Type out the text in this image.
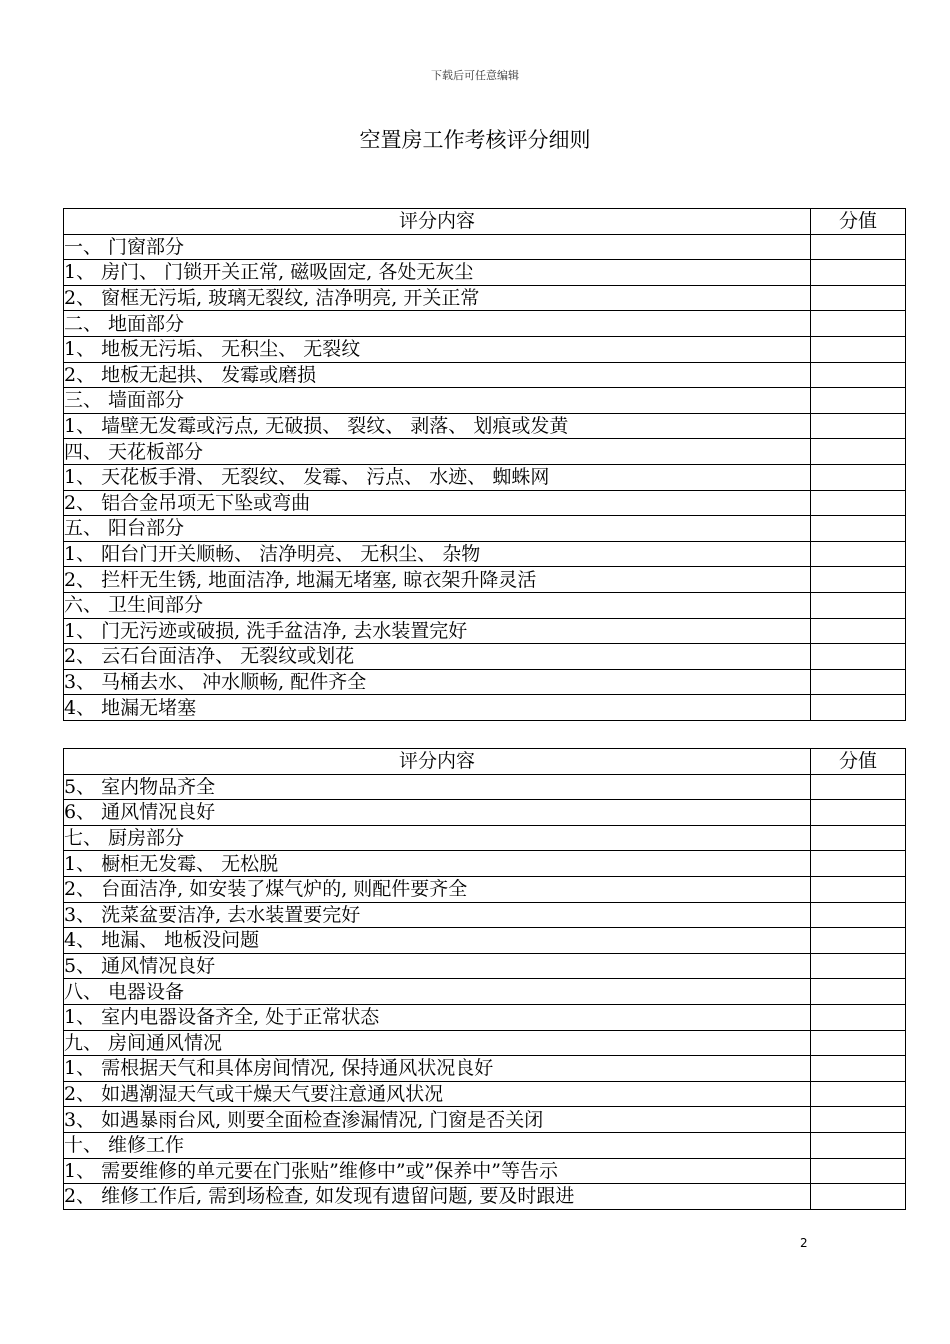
下载后可任意编辑
空置房工作考核评分细则
评分内容	分值
一、 门窗部分	
1、 房门、 门锁开关正常, 磁吸固定, 各处无灰尘	
2、 窗框无污垢, 玻璃无裂纹, 洁净明亮, 开关正常	
二、 地面部分	
1、 地板无污垢、 无积尘、 无裂纹	
2、 地板无起拱、 发霉或磨损	
三、 墙面部分	
1、 墙壁无发霉或污点, 无破损、 裂纹、 剥落、 划痕或发黄	
四、 天花板部分	
1、 天花板手滑、 无裂纹、 发霉、 污点、 水迹、 蜘蛛网	
2、 铝合金吊项无下坠或弯曲	
五、 阳台部分	
1、 阳台门开关顺畅、 洁净明亮、 无积尘、 杂物	
2、 拦杆无生锈, 地面洁净, 地漏无堵塞, 晾衣架升降灵活	
六、 卫生间部分	
1、 门无污迹或破损, 洗手盆洁净, 去水装置完好	
2、 云石台面洁净、 无裂纹或划花	
3、 马桶去水、 冲水顺畅, 配件齐全	
4、 地漏无堵塞	
评分内容	分值
5、 室内物品齐全	
6、 通风情况良好	
七、 厨房部分	
1、 橱柜无发霉、 无松脱	
2、 台面洁净, 如安装了煤气炉的, 则配件要齐全	
3、 洗菜盆要洁净, 去水装置要完好	
4、 地漏、 地板没问题	
5、 通风情况良好	
八、 电器设备	
1、 室内电器设备齐全, 处于正常状态	
九、 房间通风情况	
1、 需根据天气和具体房间情况, 保持通风状况良好	
2、 如遇潮湿天气或干燥天气要注意通风状况	
3、 如遇暴雨台风, 则要全面检查渗漏情况, 门窗是否关闭	
十、 维修工作	
1、 需要维修的单元要在门张贴”维修中”或”保养中”等告示	
2、 维修工作后, 需到场检查, 如发现有遗留问题, 要及时跟进	
2
